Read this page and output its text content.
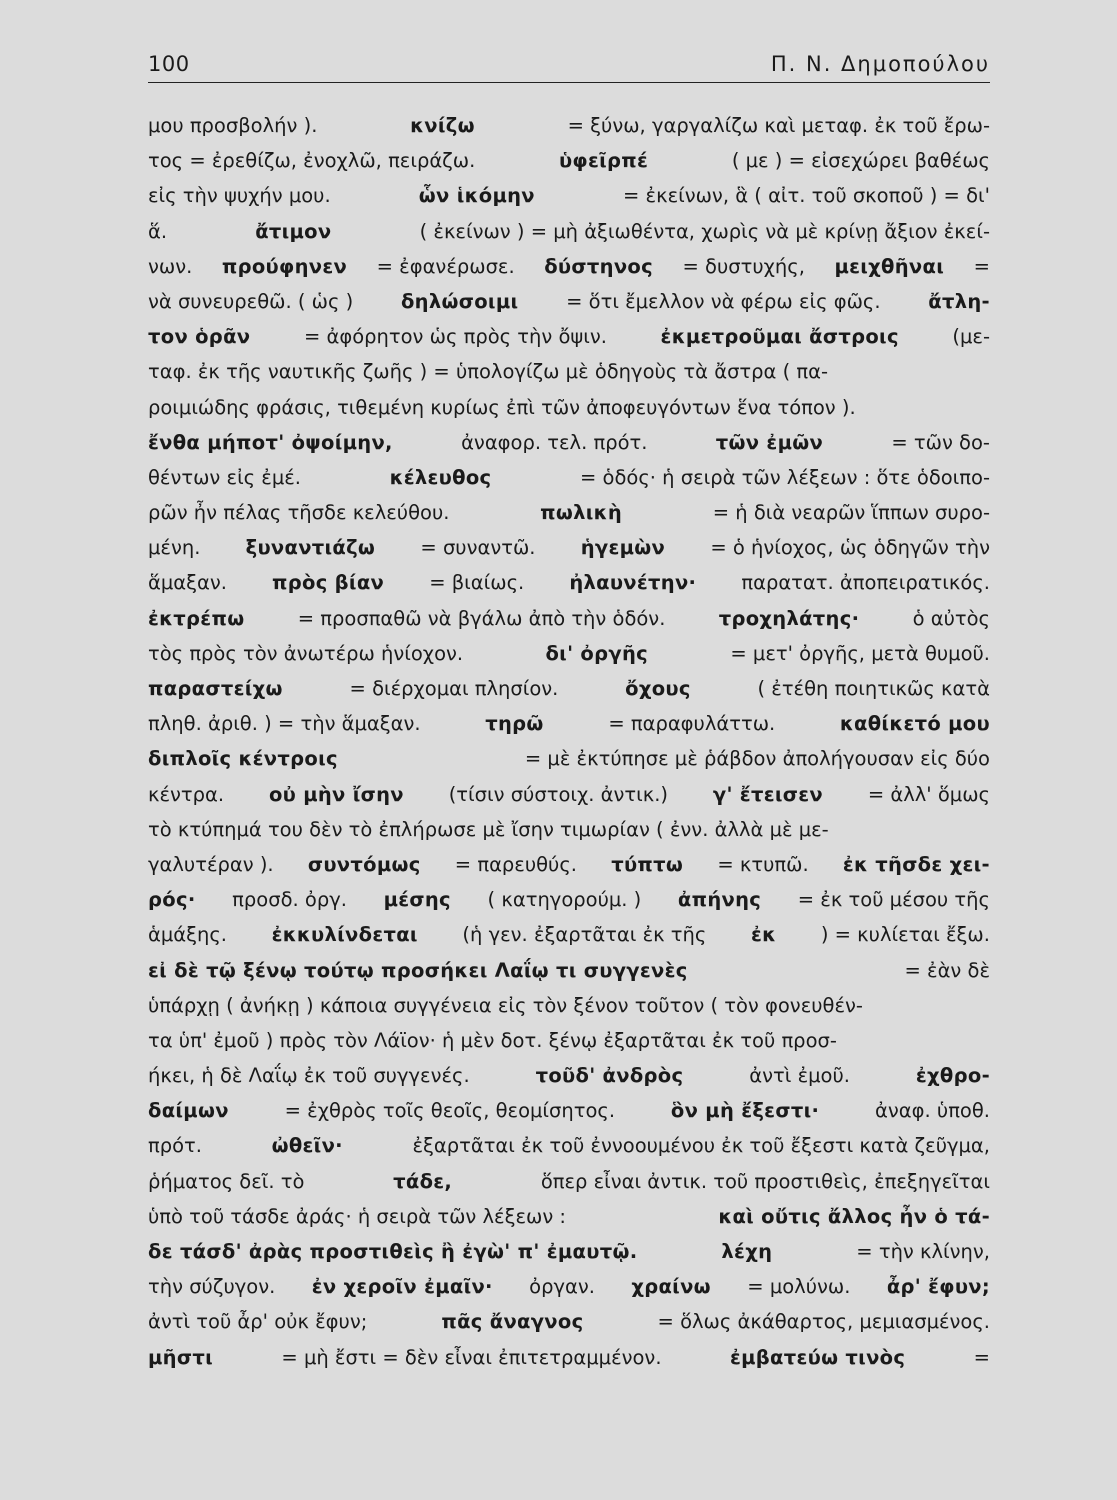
100	Π. Ν. Δημοπούλου
μου προσβολήν ).	κνίζω	= ξύνω, γαργαλίζω καὶ μεταφ. ἐκ τοῦ ἔρω-
τος = ἐρεθίζω, ἐνοχλῶ, πειράζω.	ὑφεῖρπέ	( με ) = εἰσεχώρει βαθέως
εἰς τὴν ψυχήν μου.	ὧν ἱκόμην	= ἐκείνων, ἃ ( αἰτ. τοῦ σκοποῦ ) = δι'
ἅ.	ἄτιμον	( ἐκείνων ) = μὴ ἀξιωθέντα, χωρὶς νὰ μὲ κρίνῃ ἄξιον ἐκεί-
νων. προύφηνεν = ἐφανέρωσε. δύστηνος = δυστυχής, μειχθῆναι =
νὰ συνευρεθῶ. ( ὡς ) δηλώσοιμι = ὅτι ἔμελλον νὰ φέρω εἰς φῶς. ἄτλη-
τον ὁρᾶν	= ἀφόρητον ὡς πρὸς τὴν ὄψιν.	ἐκμετροῦμαι ἄστροις	(με-
ταφ. ἐκ τῆς ναυτικῆς ζωῆς ) = ὑπολογίζω μὲ ὁδηγοὺς τὰ ἄστρα ( πα-
ροιμιώδης φράσις, τιθεμένη κυρίως ἐπὶ τῶν ἀποφευγόντων ἕνα τόπον ).
ἔνθα μήποτ' ὀψοίμην,	ἀναφορ. τελ. πρότ.	τῶν ἐμῶν	= τῶν δο-
θέντων εἰς ἐμέ.	κέλευθος	= ὁδός· ἡ σειρὰ τῶν λέξεων : ὅτε ὁδοιπο-
ρῶν ἦν πέλας τῆσδε κελεύθου.	πωλικὴ	= ἡ διὰ νεαρῶν ἵππων συρο-
μένη. ξυναντιάζω = συναντῶ. ἡγεμὼν = ὁ ἡνίοχος, ὡς ὁδηγῶν τὴν
ἅμαξαν. πρὸς βίαν = βιαίως. ἠλαυνέτην· παρατατ. ἀποπειρατικός.
ἐκτρέπω	= προσπαθῶ νὰ βγάλω ἀπὸ τὴν ὁδόν.	τροχηλάτης·	ὁ αὐτὸς
τὸς πρὸς τὸν ἀνωτέρω ἡνίοχον.	δι' ὀργῆς	= μετ' ὀργῆς, μετὰ θυμοῦ.
παραστείχω	= διέρχομαι πλησίον.	ὄχους	( ἐτέθη ποιητικῶς κατὰ
πληθ. ἀριθ. ) = τὴν ἅμαξαν.	τηρῶ	= παραφυλάττω.	καθίκετό μου
διπλοῖς κέντροις	= μὲ ἐκτύπησε μὲ ῥάβδον ἀπολήγουσαν εἰς δύο
κέντρα. οὐ μὴν ἴσην (τίσιν σύστοιχ. ἀντικ.) γ' ἔτεισεν = ἀλλ' ὅμως
τὸ κτύπημά του δὲν τὸ ἐπλήρωσε μὲ ἴσην τιμωρίαν ( ἐνν. ἀλλὰ μὲ με-
γαλυτέραν ). συντόμως = παρευθύς. τύπτω = κτυπῶ. ἐκ τῆσδε χει-
ρός· προσδ. ὀργ. μέσης ( κατηγορούμ. ) ἀπήνης = ἐκ τοῦ μέσου τῆς
ἁμάξης. ἐκκυλίνδεται (ἡ γεν. ἐξαρτᾶται ἐκ τῆς ἐκ ) = κυλίεται ἔξω.
εἰ δὲ τῷ ξένῳ τούτῳ προσήκει Λαΐῳ τι συγγενὲς	= ἐὰν δὲ
ὑπάρχῃ ( ἀνήκῃ ) κάποια συγγένεια εἰς τὸν ξένον τοῦτον ( τὸν φονευθέν-
τα ὑπ' ἐμοῦ ) πρὸς τὸν Λάϊον· ἡ μὲν δοτ. ξένῳ ἐξαρτᾶται ἐκ τοῦ προσ-
ήκει, ἡ δὲ Λαΐῳ ἐκ τοῦ συγγενές.	τοῦδ' ἀνδρὸς	ἀντὶ ἐμοῦ.	ἐχθρο-
δαίμων	= ἐχθρὸς τοῖς θεοῖς, θεομίσητος.	ὃν μὴ ἔξεστι·	ἀναφ. ὑποθ.
πρότ.	ὠθεῖν·	ἐξαρτᾶται ἐκ τοῦ ἐννοουμένου ἐκ τοῦ ἔξεστι κατὰ ζεῦγμα,
ῥήματος δεῖ. τὸ	τάδε,	ὅπερ εἶναι ἀντικ. τοῦ προστιθεὶς, ἐπεξηγεῖται
ὑπὸ τοῦ τάσδε ἀράς· ἡ σειρὰ τῶν λέξεων :	καὶ οὔτις ἄλλος ἦν ὁ τά-
δε τάσδ' ἀρὰς προστιθεὶς ἢ ἐγὼ' π' ἐμαυτῷ.	λέχη	= τὴν κλίνην,
τὴν σύζυγον. ἐν χεροῖν ἐμαῖν· ὀργαν. χραίνω = μολύνω. ἆρ' ἔφυν;
ἀντὶ τοῦ ἆρ' οὐκ ἔφυν;	πᾶς ἄναγνος	= ὅλως ἀκάθαρτος, μεμιασμένος.
μῆστι	= μὴ ἔστι = δὲν εἶναι ἐπιτετραμμένον.	ἐμβατεύω τινὸς	=
